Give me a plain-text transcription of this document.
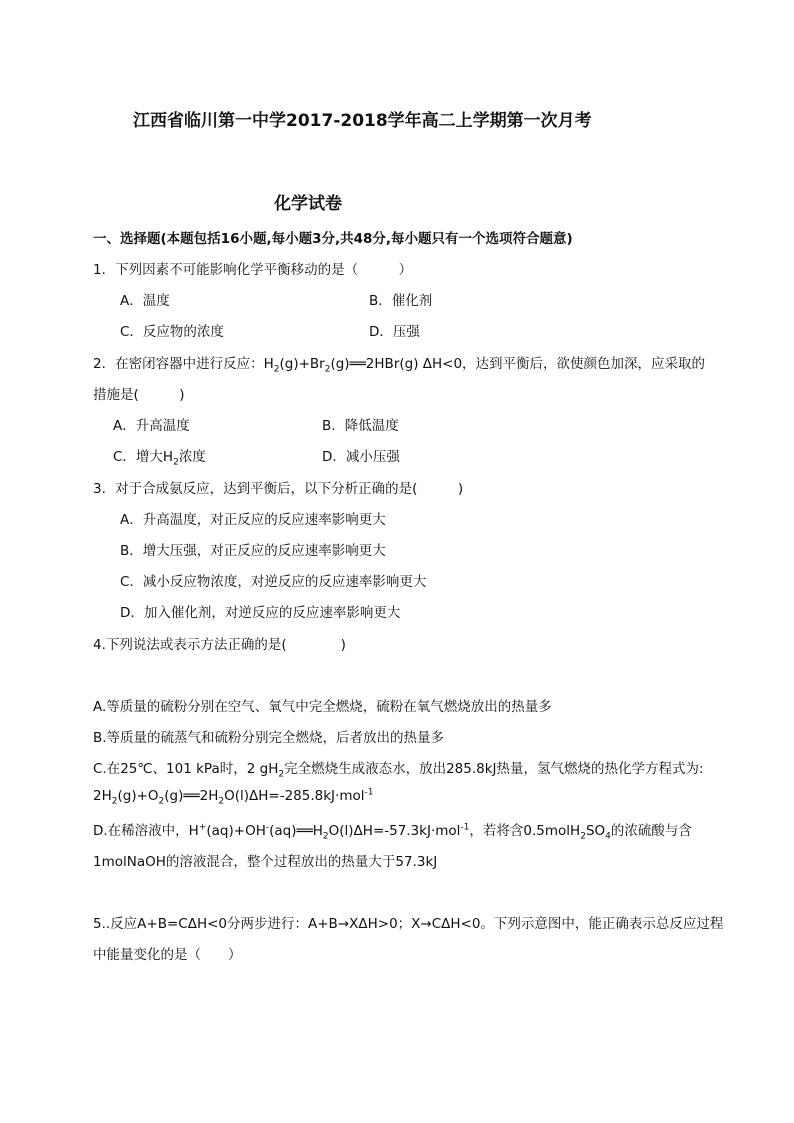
江西省临川第一中学2017-2018学年高二上学期第一次月考
化学试卷
一、选择题(本题包括16小题,每小题3分,共48分,每小题只有一个选项符合题意)
1．下列因素不可能影响化学平衡移动的是（　　　）
A．温度	B．催化剂
C．反应物的浓度	D．压强
2．在密闭容器中进行反应：$H_2(g)+Br_2(g)══2HBr(g)$ ΔH<0，达到平衡后，欲使颜色加深，应采取的
措施是(　　　)
A．升高温度	B．降低温度
C．增大$H_2$浓度	D．减小压强
3．对于合成氨反应，达到平衡后，以下分析正确的是(　　　)
A．升高温度，对正反应的反应速率影响更大
B．增大压强，对正反应的反应速率影响更大
C．减小反应物浓度，对逆反应的反应速率影响更大
D．加入催化剂，对逆反应的反应速率影响更大
4.下列说法或表示方法正确的是(　　　　)
A.等质量的硫粉分别在空气、氧气中完全燃烧，硫粉在氧气燃烧放出的热量多
B.等质量的硫蒸气和硫粉分别完全燃烧，后者放出的热量多
C.在25℃、101 kPa时，2 $gH_2$完全燃烧生成液态水，放出285.8kJ热量，氢气燃烧的热化学方程式为:
$2H_2(g)+O_2(g)══2H_2O(l)\Delta H=-285.8kJ\cdot mol^{-1}$
D.在稀溶液中，$H^+(aq)+OH^-(aq)══H_2O(l)\Delta H=-57.3kJ\cdot mol^{-1}$，若将含$0.5molH_2SO_4$的浓硫酸与含
1molNaOH的溶液混合，整个过程放出的热量大于57.3kJ
5..反应A+B=CΔH<0分两步进行：A+B→XΔH>0；X→CΔH<0。下列示意图中，能正确表示总反应过程
中能量变化的是（　　）
